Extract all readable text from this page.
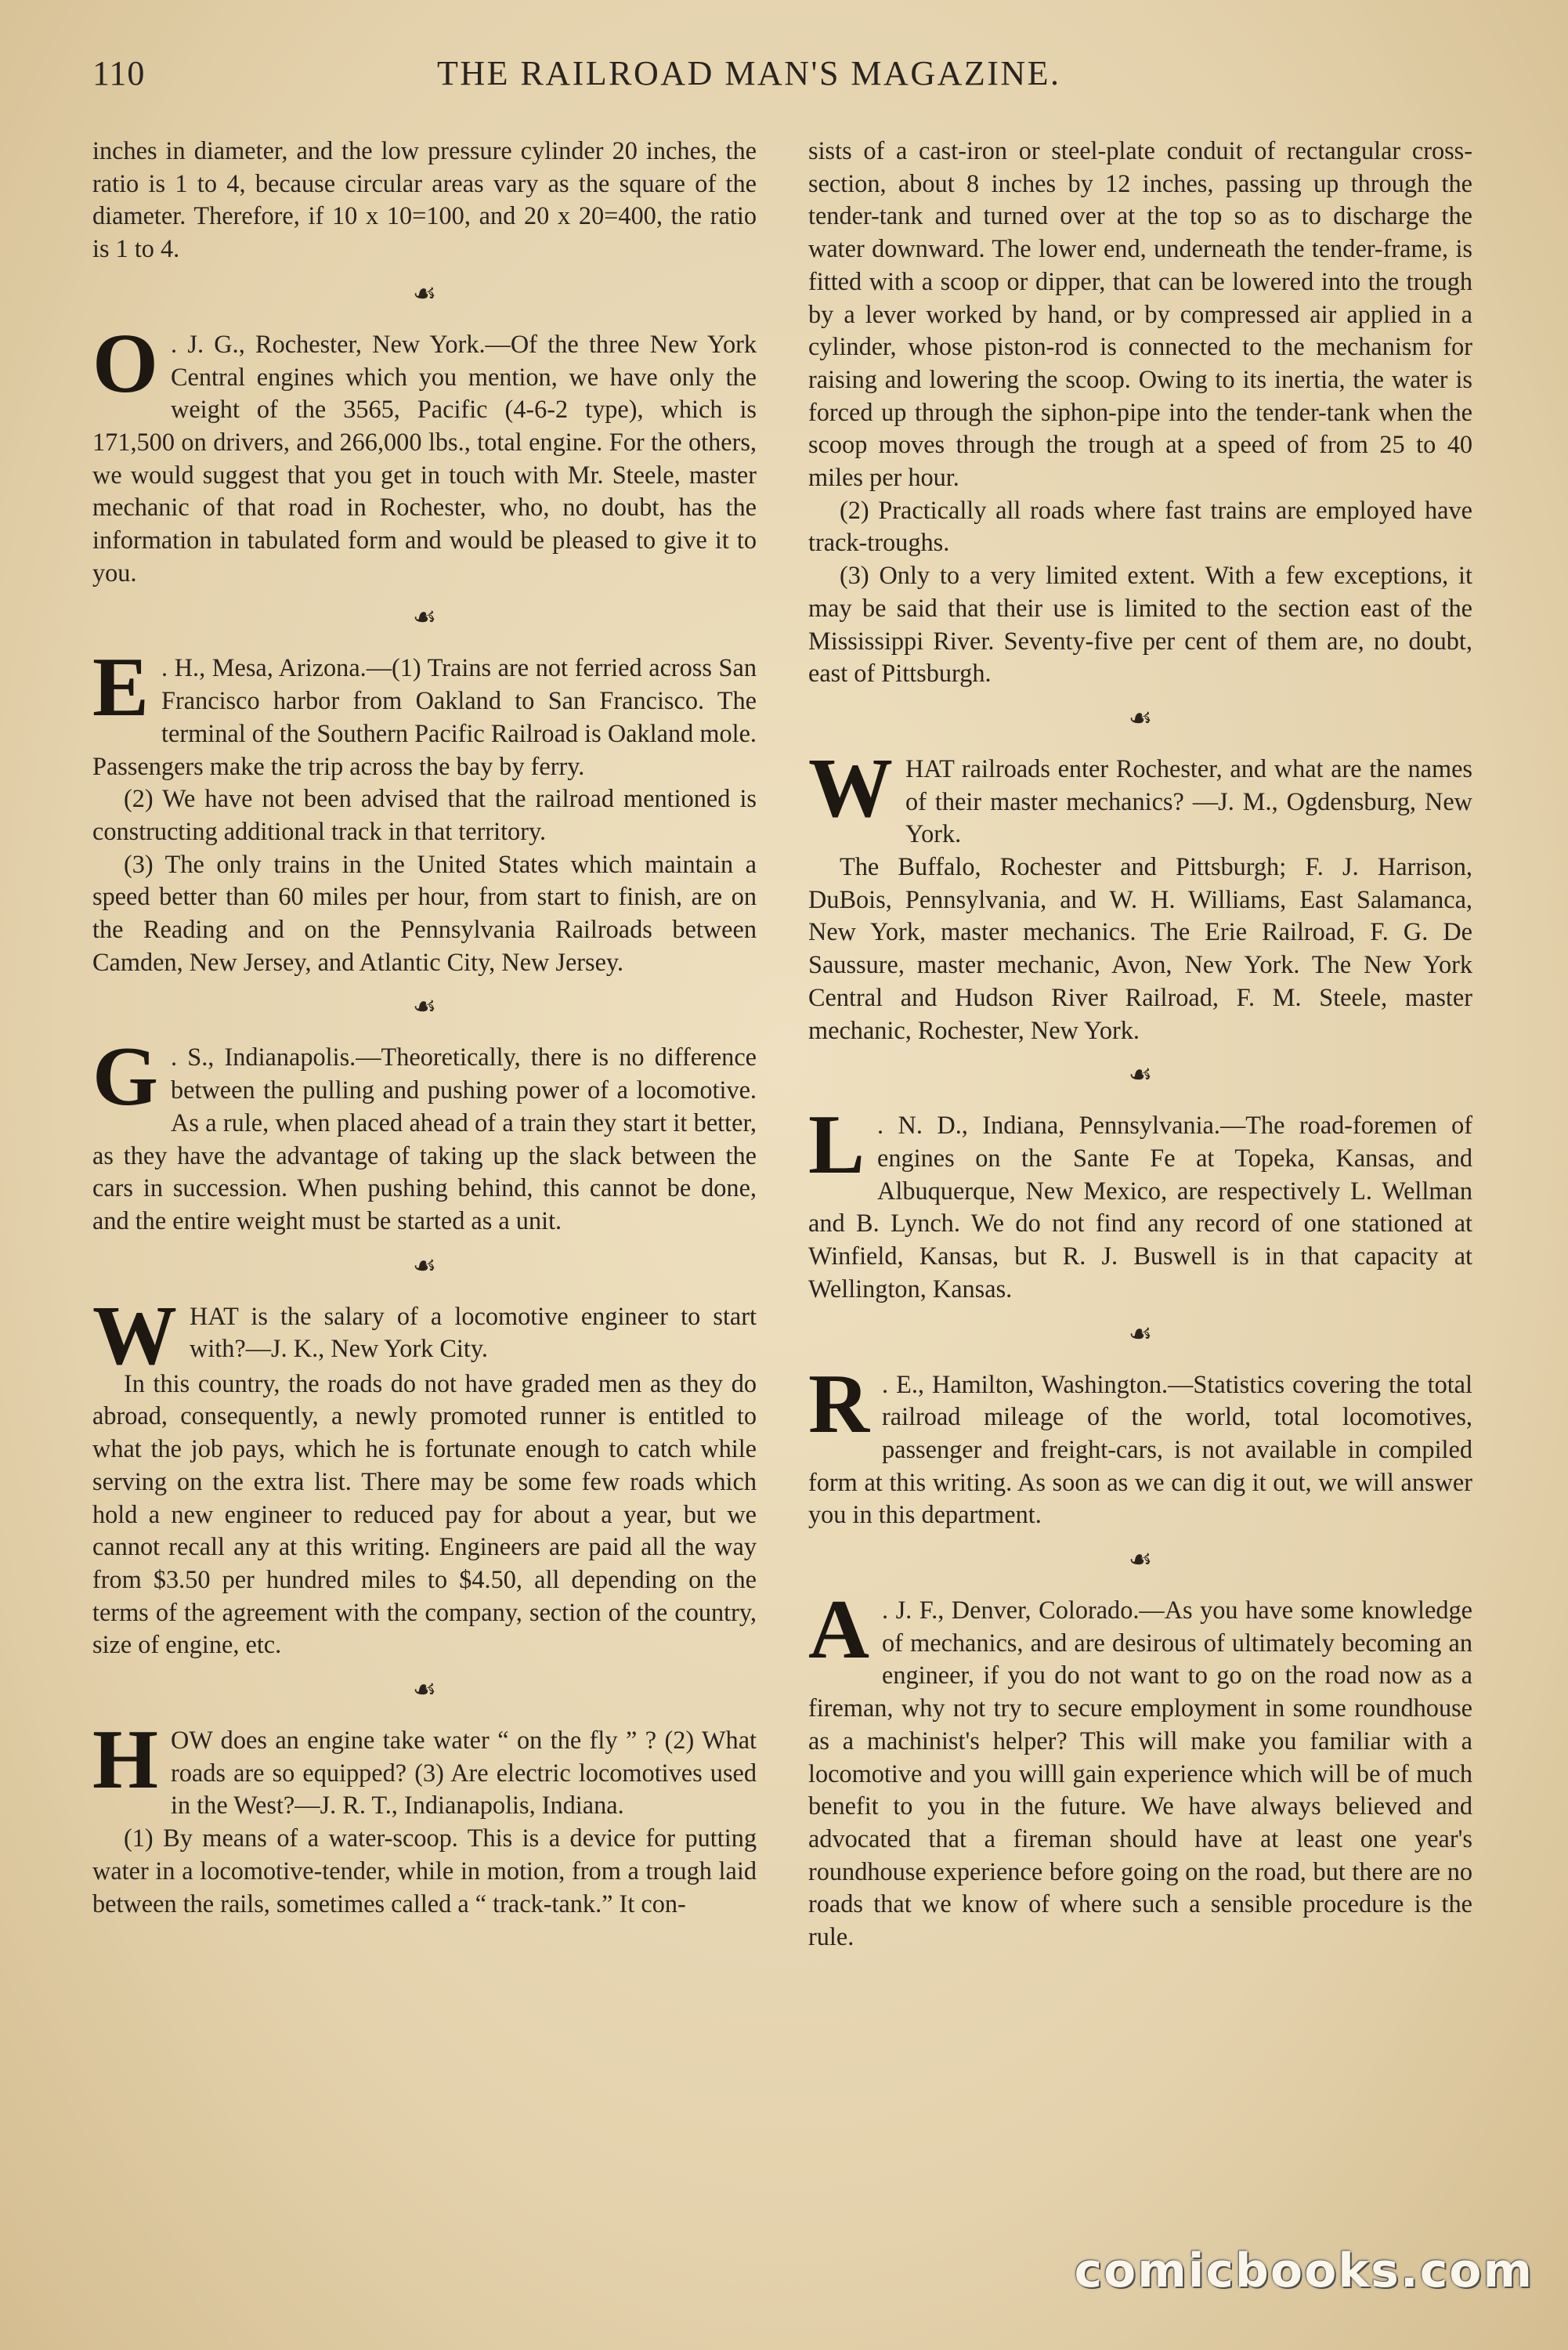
110	THE RAILROAD MAN'S MAGAZINE.

inches in diameter, and the low pressure cylinder 20 inches, the ratio is 1 to 4, because circular areas vary as the square of the diameter. Therefore, if 10 x 10=100, and 20 x 20=400, the ratio is 1 to 4.

☙
O . J. G., Rochester, New York.—Of the three New York Central engines which you mention, we have only the weight of the 3565, Pacific (4-6-2 type), which is 171,500 on drivers, and 266,000 lbs., total engine. For the others, we would suggest that you get in touch with Mr. Steele, master mechanic of that road in Rochester, who, no doubt, has the information in tabulated form and would be pleased to give it to you.

☙
E . H., Mesa, Arizona.—(1) Trains are not ferried across San Francisco harbor from Oakland to San Francisco. The terminal of the Southern Pacific Railroad is Oakland mole. Passengers make the trip across the bay by ferry.

(2) We have not been advised that the railroad mentioned is constructing additional track in that territory.

(3) The only trains in the United States which maintain a speed better than 60 miles per hour, from start to finish, are on the Reading and on the Pennsylvania Railroads between Camden, New Jersey, and Atlantic City, New Jersey.

☙
G . S., Indianapolis.—Theoretically, there is no difference between the pulling and pushing power of a locomotive. As a rule, when placed ahead of a train they start it better, as they have the advantage of taking up the slack between the cars in succession. When pushing behind, this cannot be done, and the entire weight must be started as a unit.

☙
W HAT is the salary of a locomotive engineer to start with?—J. K., New York City.

In this country, the roads do not have graded men as they do abroad, consequently, a newly promoted runner is entitled to what the job pays, which he is fortunate enough to catch while serving on the extra list. There may be some few roads which hold a new engineer to reduced pay for about a year, but we cannot recall any at this writing. Engineers are paid all the way from $3.50 per hundred miles to $4.50, all depending on the terms of the agreement with the company, section of the country, size of engine, etc.

☙
H OW does an engine take water “ on the fly ” ? (2) What roads are so equipped? (3) Are electric locomotives used in the West?—J. R. T., Indianapolis, Indiana.

(1) By means of a water-scoop. This is a device for putting water in a locomotive-tender, while in motion, from a trough laid between the rails, sometimes called a “ track-tank.” It con-

sists of a cast-iron or steel-plate conduit of rectangular cross-section, about 8 inches by 12 inches, passing up through the tender-tank and turned over at the top so as to discharge the water downward. The lower end, underneath the tender-frame, is fitted with a scoop or dipper, that can be lowered into the trough by a lever worked by hand, or by compressed air applied in a cylinder, whose piston-rod is connected to the mechanism for raising and lowering the scoop. Owing to its inertia, the water is forced up through the siphon-pipe into the tender-tank when the scoop moves through the trough at a speed of from 25 to 40 miles per hour.

(2) Practically all roads where fast trains are employed have track-troughs.

(3) Only to a very limited extent. With a few exceptions, it may be said that their use is limited to the section east of the Mississippi River. Seventy-five per cent of them are, no doubt, east of Pittsburgh.

☙
W HAT railroads enter Rochester, and what are the names of their master mechanics? —J. M., Ogdensburg, New York.

The Buffalo, Rochester and Pittsburgh; F. J. Harrison, DuBois, Pennsylvania, and W. H. Williams, East Salamanca, New York, master mechanics. The Erie Railroad, F. G. De Saussure, master mechanic, Avon, New York. The New York Central and Hudson River Railroad, F. M. Steele, master mechanic, Rochester, New York.

☙
L . N. D., Indiana, Pennsylvania.—The road-foremen of engines on the Sante Fe at Topeka, Kansas, and Albuquerque, New Mexico, are respectively L. Wellman and B. Lynch. We do not find any record of one stationed at Winfield, Kansas, but R. J. Buswell is in that capacity at Wellington, Kansas.

☙
R . E., Hamilton, Washington.—Statistics covering the total railroad mileage of the world, total locomotives, passenger and freight-cars, is not available in compiled form at this writing. As soon as we can dig it out, we will answer you in this department.

☙
A . J. F., Denver, Colorado.—As you have some knowledge of mechanics, and are desirous of ultimately becoming an engineer, if you do not want to go on the road now as a fireman, why not try to secure employment in some roundhouse as a machinist's helper? This will make you familiar with a locomotive and you willl gain experience which will be of much benefit to you in the future. We have always believed and advocated that a fireman should have at least one year's roundhouse experience before going on the road, but there are no roads that we know of where such a sensible procedure is the rule.

comicbooks.com
